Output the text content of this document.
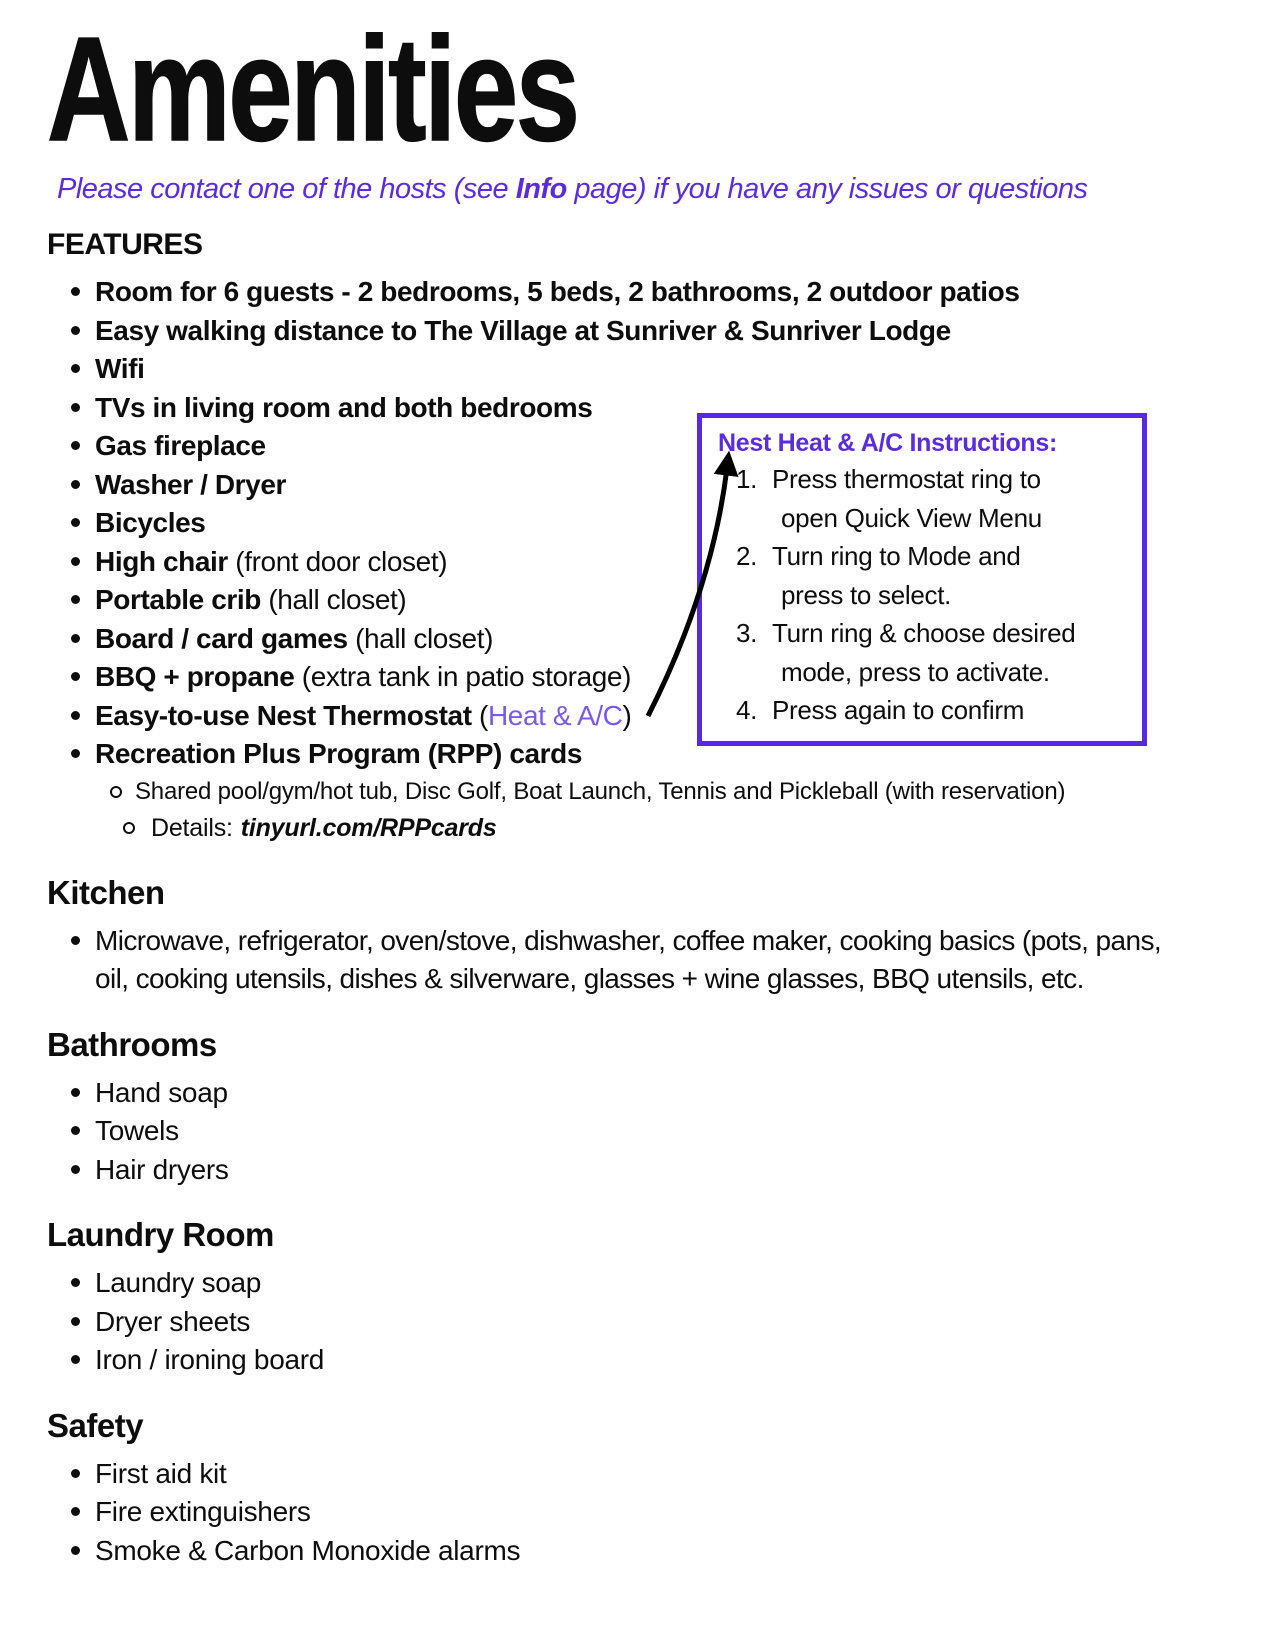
Amenities

Please contact one of the hosts (see Info page) if you have any issues or questions

FEATURES
Room for 6 guests - 2 bedrooms, 5 beds, 2 bathrooms, 2 outdoor patios
Easy walking distance to The Village at Sunriver & Sunriver Lodge
Wifi
TVs in living room and both bedrooms
Gas fireplace
Washer / Dryer
Bicycles
High chair (front door closet)
Portable crib (hall closet)
Board / card games (hall closet)
BBQ + propane (extra tank in patio storage)
Easy-to-use Nest Thermostat (Heat & A/C)
Recreation Plus Program (RPP) cards
Shared pool/gym/hot tub, Disc Golf, Boat Launch, Tennis and Pickleball (with reservation)
Details: tinyurl.com/RPPcards
Kitchen
Microwave, refrigerator, oven/stove, dishwasher, coffee maker, cooking basics (pots, pans, oil, cooking utensils, dishes & silverware, glasses + wine glasses, BBQ utensils, etc.
Bathrooms
Hand soap
Towels
Hair dryers
Laundry Room
Laundry soap
Dryer sheets
Iron / ironing board
Safety
First aid kit
Fire extinguishers
Smoke & Carbon Monoxide alarms
Nest Heat & A/C Instructions:
1. Press thermostat ring to
open Quick View Menu
2. Turn ring to Mode and
press to select.
3. Turn ring & choose desired
mode, press to activate.
4. Press again to confirm
